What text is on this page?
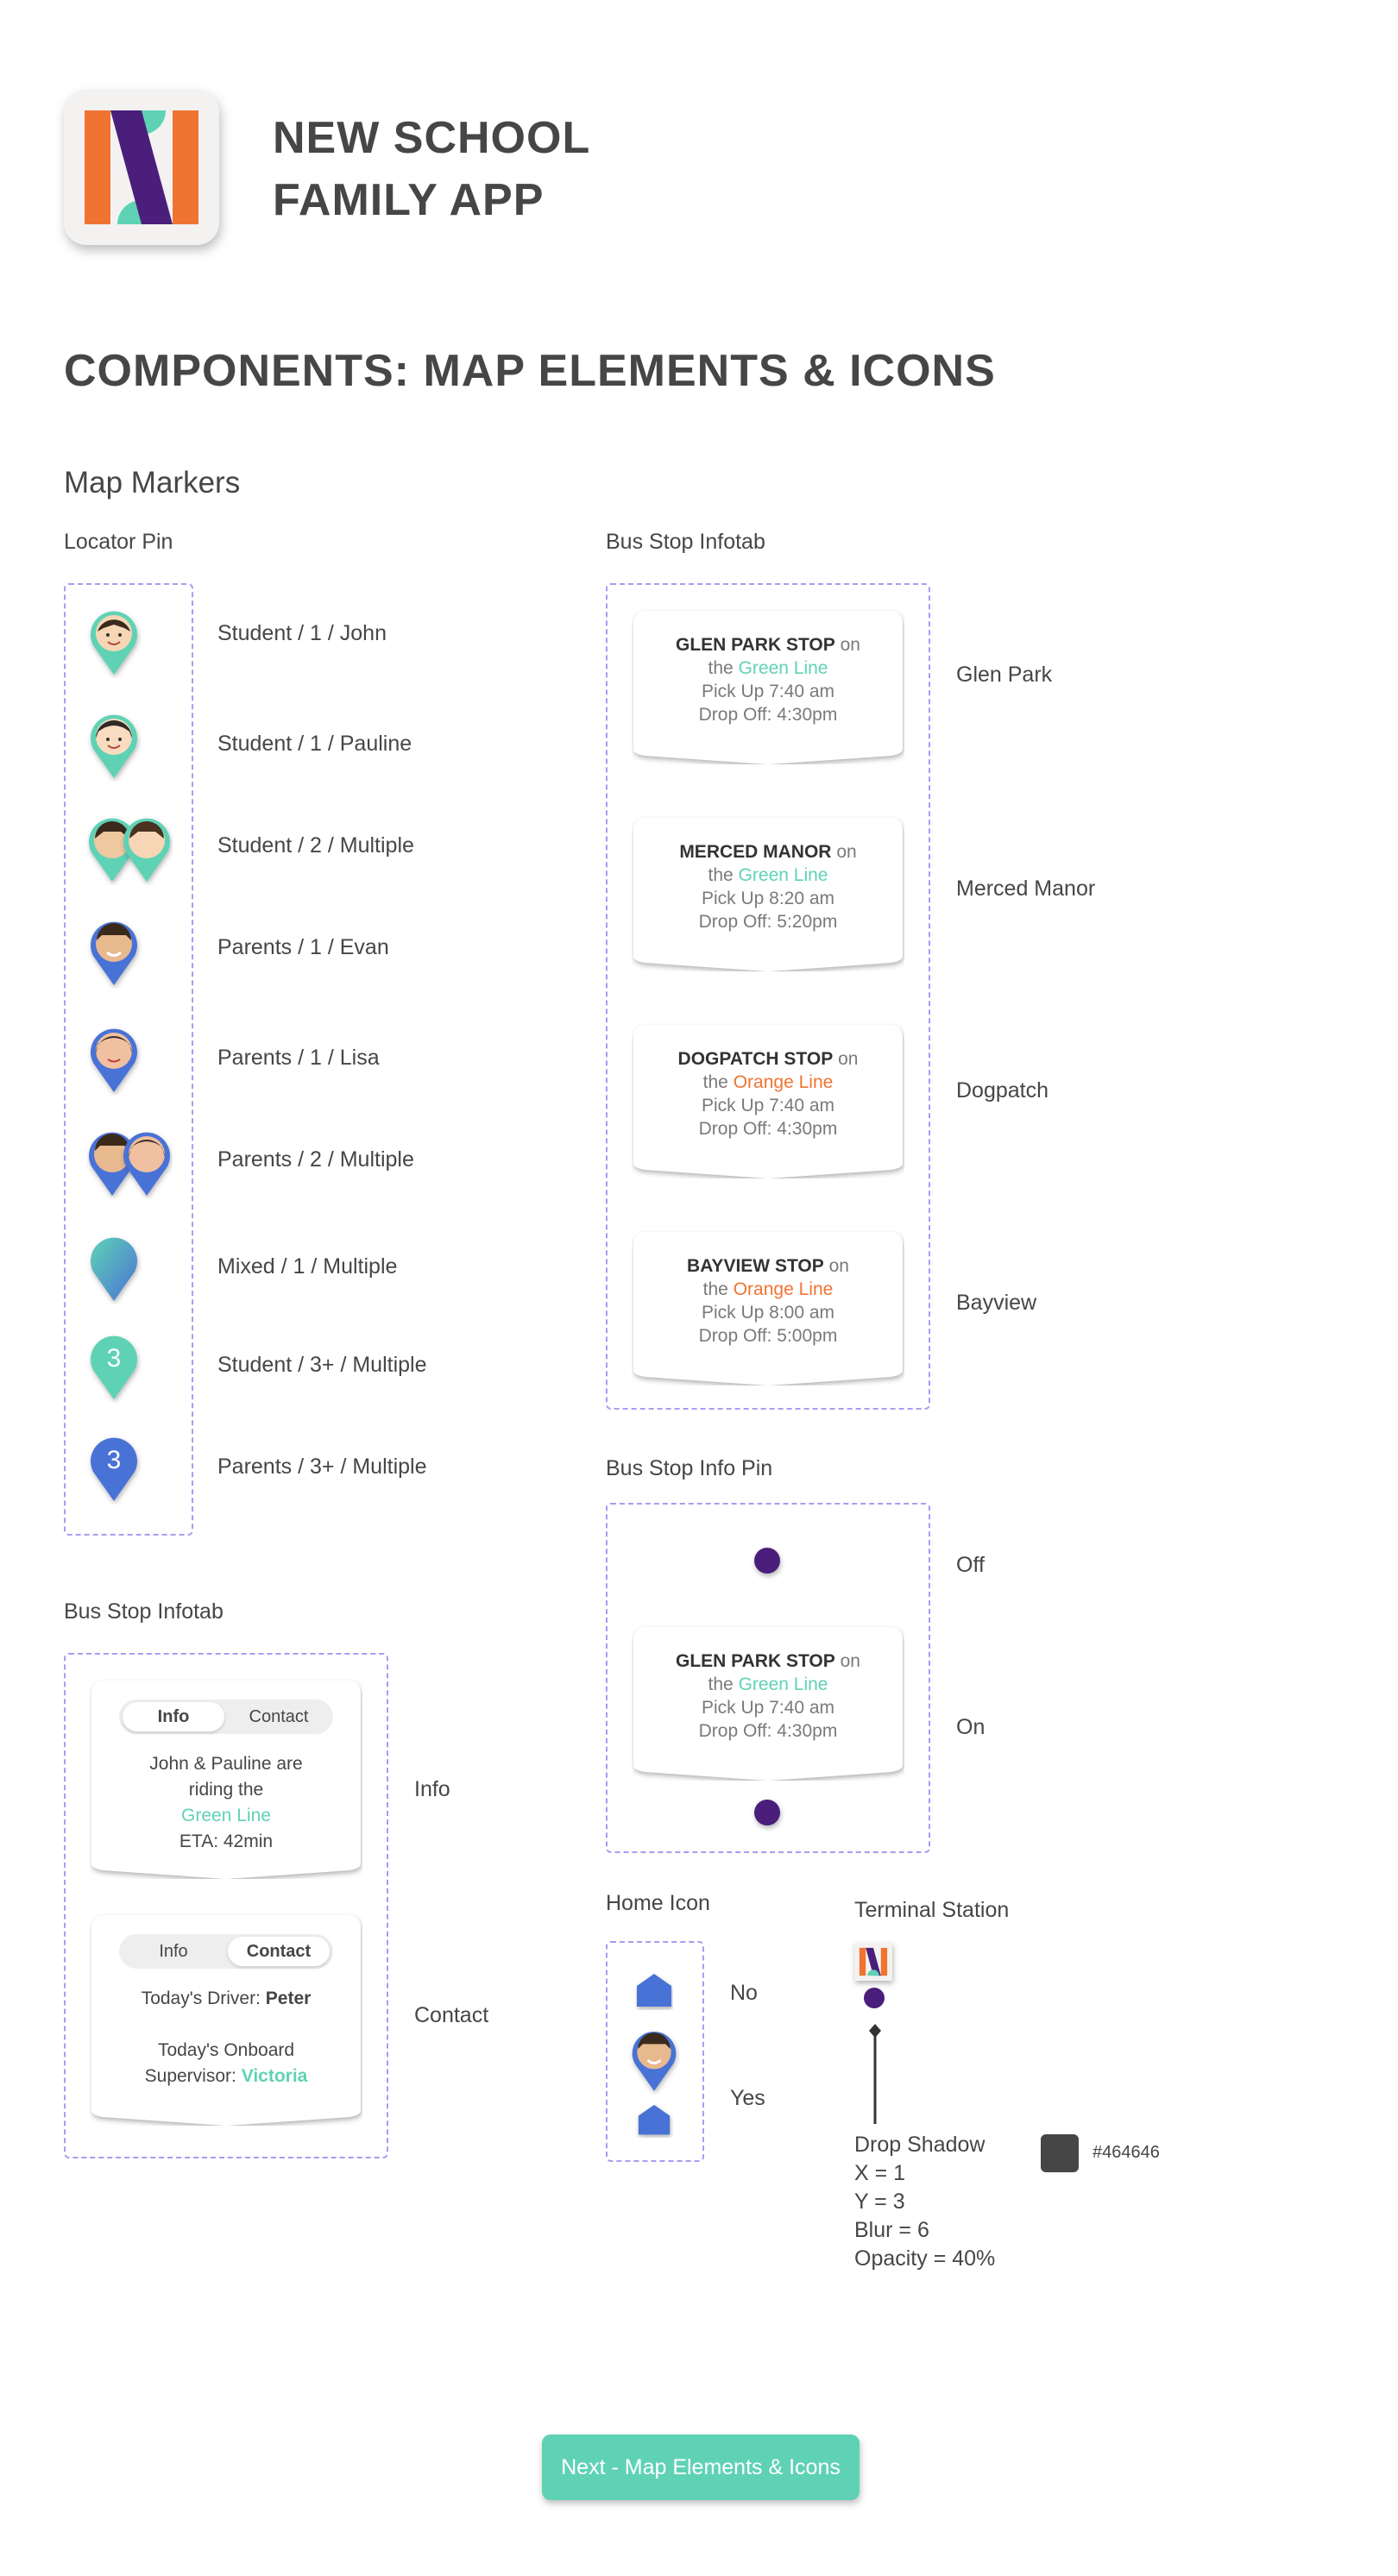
NEW SCHOOL
FAMILY APP
COMPONENTS: MAP ELEMENTS & ICONS
Map Markers
Locator Pin
Student / 1 / John
Student / 1 / Pauline
Student / 2 / Multiple
Parents / 1 / Evan
Parents / 1 / Lisa
Parents / 2 / Multiple
Mixed / 1 / Multiple
3	Student / 3+ / Multiple
3	Parents / 3+ / Multiple
Bus Stop Infotab
GLEN PARK STOP on
the Green Line
Pick Up 7:40 am
Drop Off: 4:30pm
Glen Park
MERCED MANOR on
the Green Line
Pick Up 8:20 am
Drop Off: 5:20pm
Merced Manor
DOGPATCH STOP on
the Orange Line
Pick Up 7:40 am
Drop Off: 4:30pm
Dogpatch
BAYVIEW STOP on
the Orange Line
Pick Up 8:00 am
Drop Off: 5:00pm
Bayview
Bus Stop Infotab
Info	Contact
John & Pauline are
riding the
Green Line
ETA: 42min
Info
Info	Contact
Today's Driver: Peter
Today's Onboard
Supervisor: Victoria
Contact
Bus Stop Info Pin
Off
GLEN PARK STOP on
the Green Line
Pick Up 7:40 am
Drop Off: 4:30pm	On
Home Icon
No
Yes
Terminal Station
Drop Shadow
X = 1
Y = 3
Blur = 6
Opacity = 40%
#464646
Next - Map Elements & Icons
